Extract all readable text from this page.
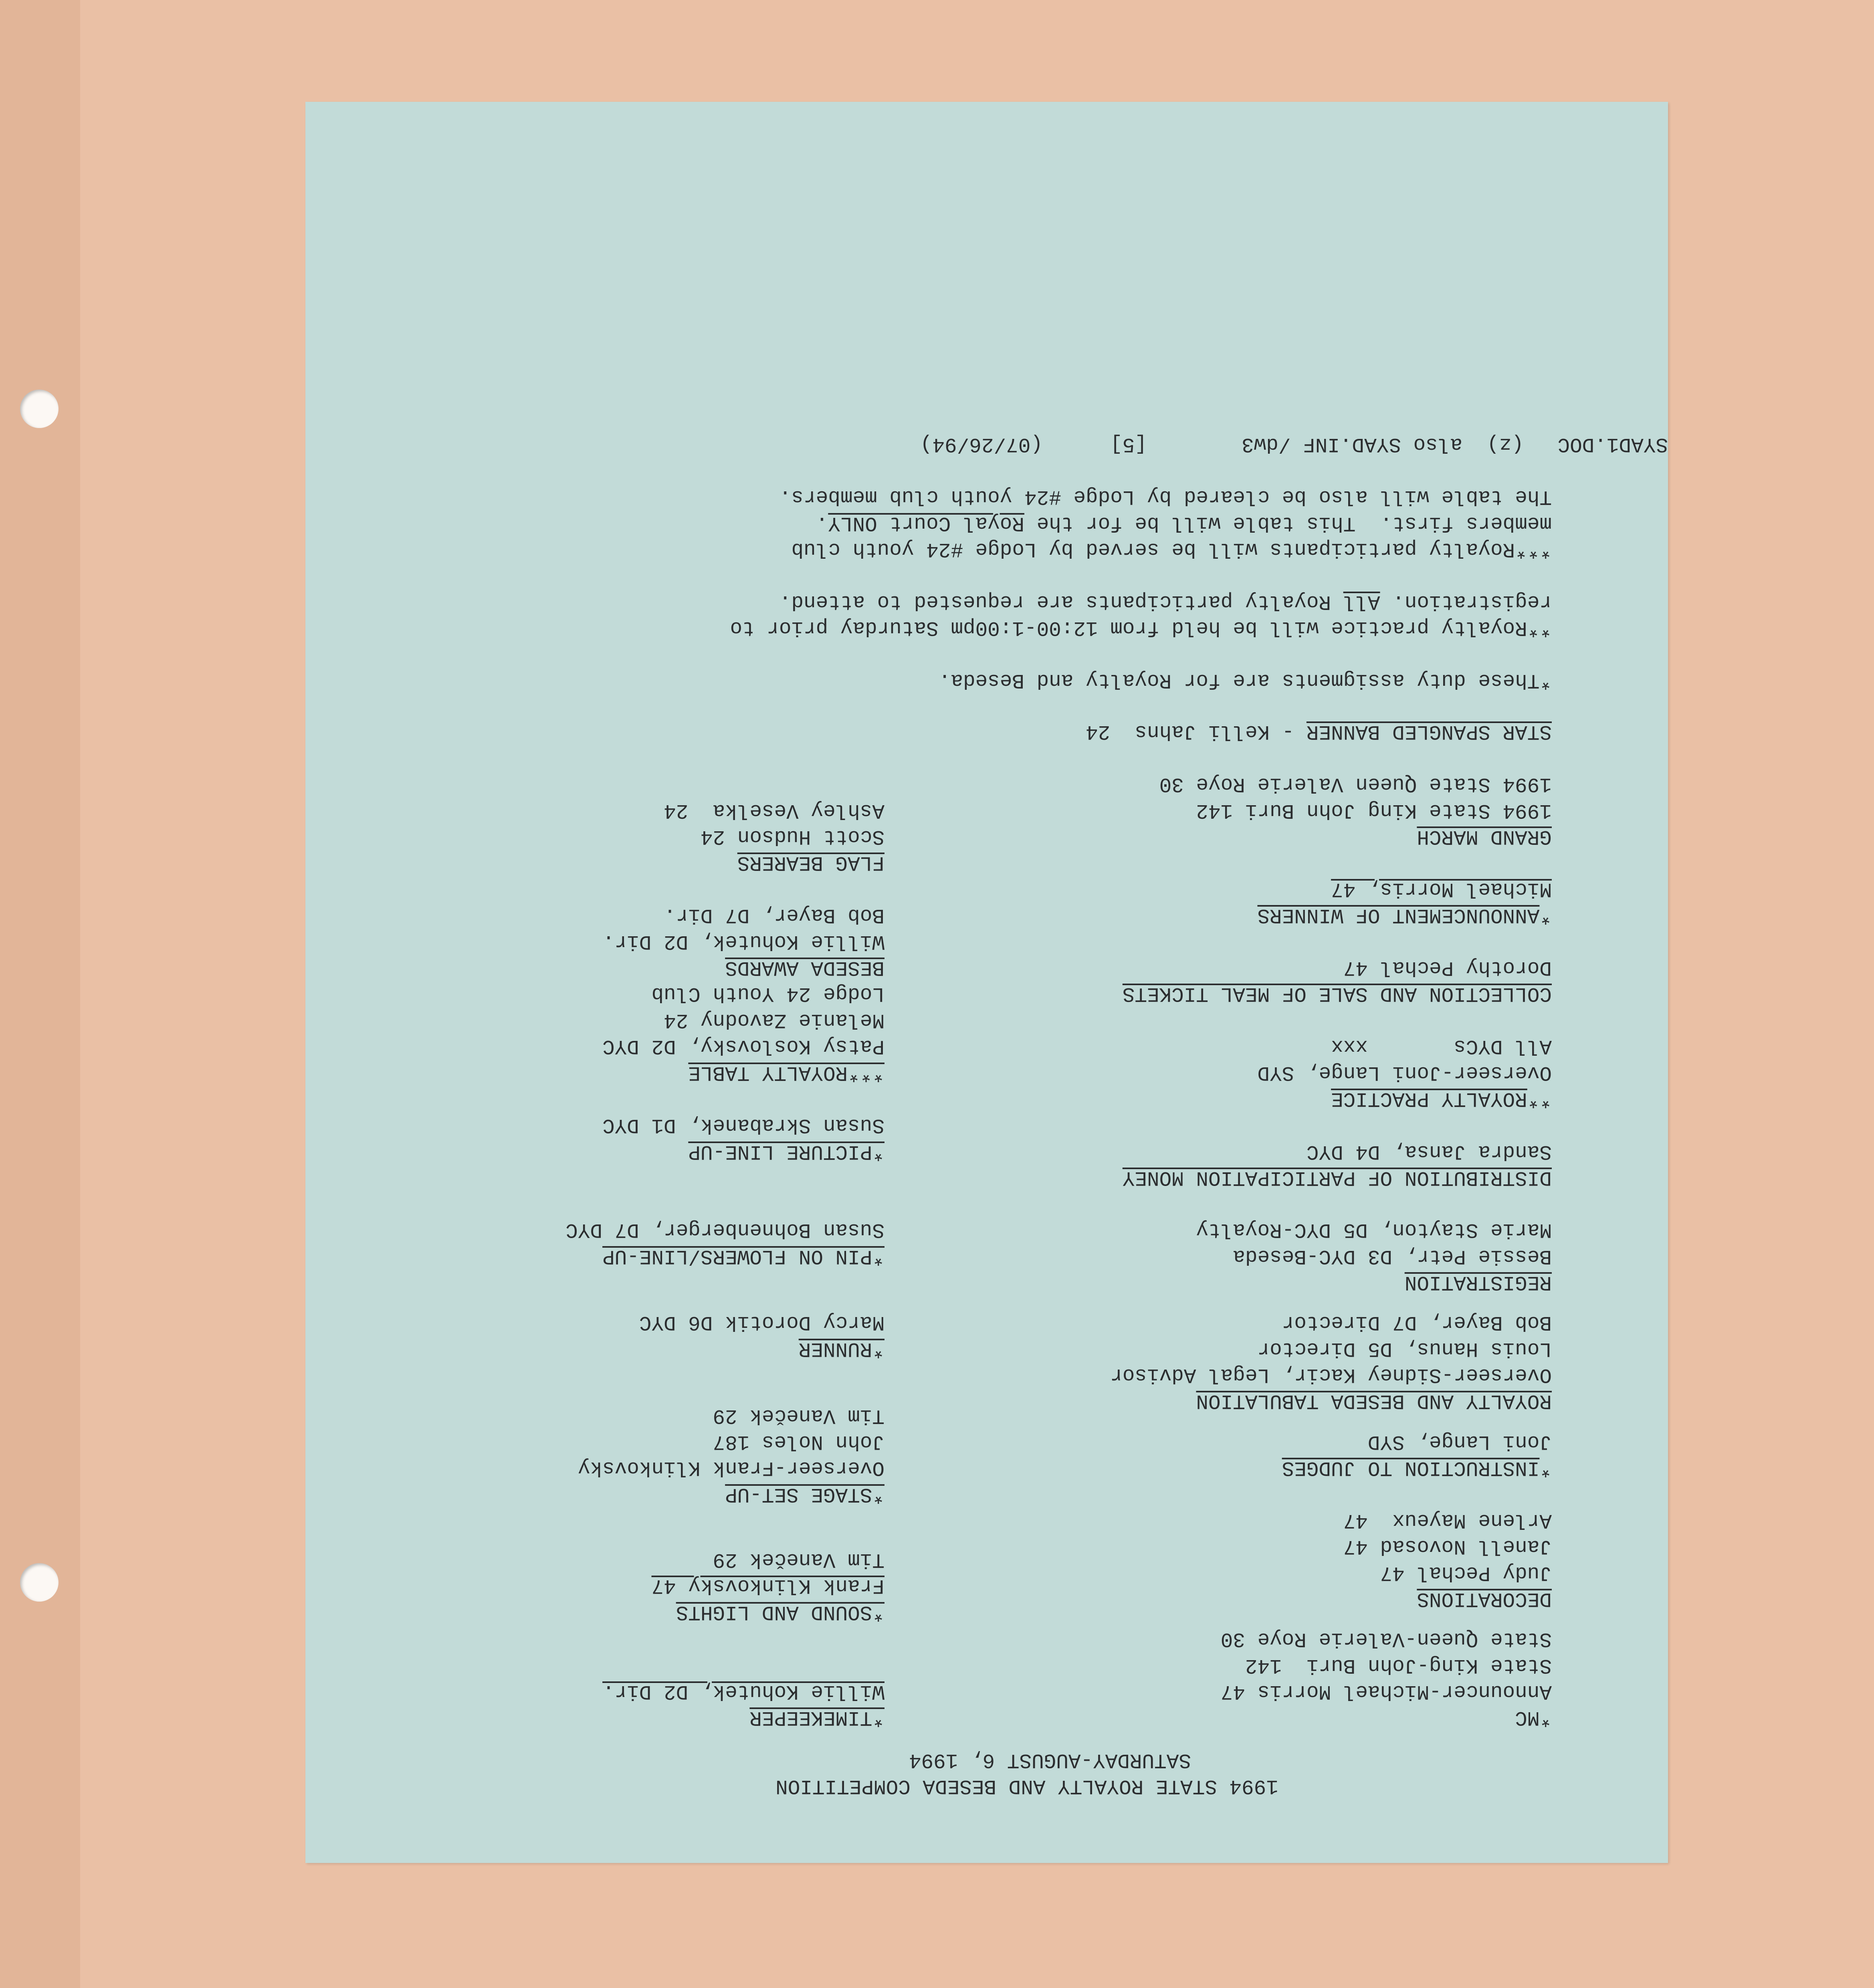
1994 STATE ROYALTY AND BESEDA COMPETITION
SATURDAY-AUGUST 6, 1994
*MC
Announcer-Michael Morris 47
State King-John Buri  142
State Queen-Valerie Roye 30
DECORATIONS
Judy Pechal 47
Janell Novosad 47
Arlene Mayeux  47
*INSTRUCTION TO JUDGES
Joni Lange, SYD
ROYALTY AND BESEDA TABULATION
Overseer-Sidney Kacir, Legal Advisor
Louis Hanus, D5 Director
Bob Bayer, D7 Director
REGISTRATION
Bessie Petr, D3 DYC-Beseda
Marie Stayton, D5 DYC-Royalty
DISTRIBUTION OF PARTICIPATION MONEY
Sandra Jansa, D4 DYC
**ROYALTY PRACTICE
Overseer-Joni Lange, SYD
All DYCs       xxx
COLLECTION AND SALE OF MEAL TICKETS
Dorothy Pechal 47
*ANNOUNCEMENT OF WINNERS
Michael Morris, 47
GRAND MARCH
1994 State King John Buri 142
1994 State Queen Valerie Roye 30
STAR SPANGLED BANNER - Kelli Jahns  24
*TIMEKEEPER
Willie Kohutek, D2 Dir.
*SOUND AND LIGHTS
Frank Klinkovsky 47
Tim Vaneček 29
*STAGE SET-UP
Overseer-Frank Klinkovsky
John Noles 187
Tim Vaneček 29
*RUNNER
Marcy Dorotik D6 DYC
*PIN ON FLOWERS/LINE-UP
Susan Bohnenberger, D7 DYC
*PICTURE LINE-UP
Susan Skrabanek, D1 DYC
***ROYALTY TABLE
Patsy Koslovsky, D2 DYC
Melanie Zavodny 24
Lodge 24 Youth Club
BESEDA AWARDS
Willie Kohutek, D2 Dir.
Bob Bayer, D7 Dir.
FLAG BEARERS
Scott Hudson 24
Ashley Veselka  24
*These duty assigments are for Royalty and Beseda.
**Royalty practice will be held from 12:00-1:00pm Saturday prior to
registration. All Royalty participants are requested to attend.
***Royalty participants will be served by Lodge #24 youth club
members first.  This table will be for the Royal Court ONLY.
The table will also be cleared by Lodge #24 youth club members.
SYAD1.DOC
(z)  also SYAD.INF /dw3
[5]
(07/26/94)
